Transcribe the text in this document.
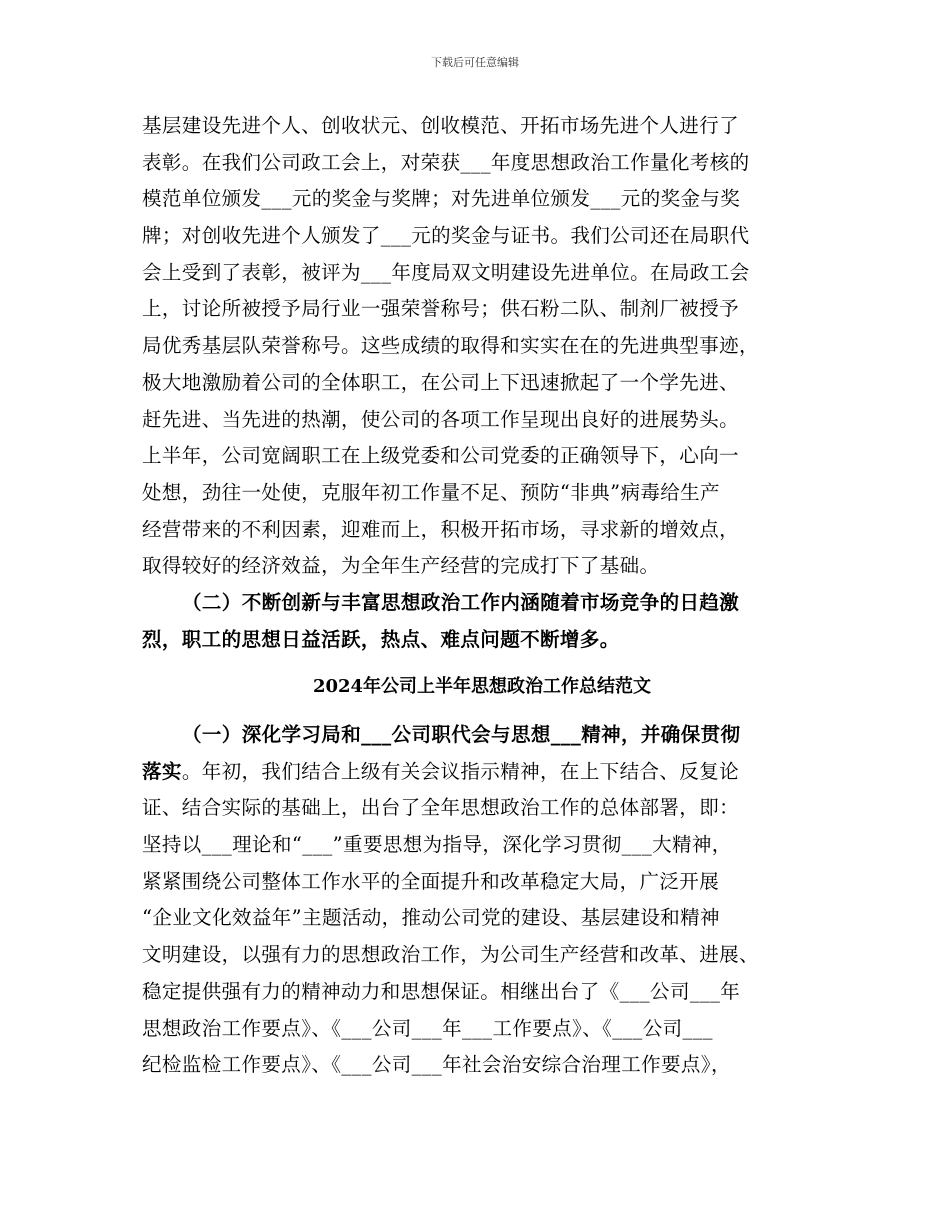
下载后可任意编辑
基层建设先进个人、创收状元、创收模范、开拓市场先进个人进行了
表彰。在我们公司政工会上，对荣获___年度思想政治工作量化考核的
模范单位颁发___元的奖金与奖牌；对先进单位颁发___元的奖金与奖
牌；对创收先进个人颁发了___元的奖金与证书。我们公司还在局职代
会上受到了表彰，被评为___年度局双文明建设先进单位。在局政工会
上，讨论所被授予局行业一强荣誉称号；供石粉二队、制剂厂被授予
局优秀基层队荣誉称号。这些成绩的取得和实实在在的先进典型事迹，
极大地激励着公司的全体职工，在公司上下迅速掀起了一个学先进、
赶先进、当先进的热潮，使公司的各项工作呈现出良好的进展势头。
上半年，公司宽阔职工在上级党委和公司党委的正确领导下，心向一
处想，劲往一处使，克服年初工作量不足、预防“非典”病毒给生产
经营带来的不利因素，迎难而上，积极开拓市场，寻求新的增效点，
取得较好的经济效益，为全年生产经营的完成打下了基础。
（二）不断创新与丰富思想政治工作内涵随着市场竞争的日趋激
烈，职工的思想日益活跃，热点、难点问题不断增多。
2024年公司上半年思想政治工作总结范文
（一）深化学习局和___公司职代会与思想___精神，并确保贯彻
落实。年初，我们结合上级有关会议指示精神，在上下结合、反复论
证、结合实际的基础上，出台了全年思想政治工作的总体部署，即：
坚持以___理论和“___”重要思想为指导，深化学习贯彻___大精神，
紧紧围绕公司整体工作水平的全面提升和改革稳定大局，广泛开展
“企业文化效益年”主题活动，推动公司党的建设、基层建设和精神
文明建设，以强有力的思想政治工作，为公司生产经营和改革、进展、
稳定提供强有力的精神动力和思想保证。相继出台了《___公司___年
思想政治工作要点》、《___公司___年___工作要点》、《___公司___
纪检监检工作要点》、《___公司___年社会治安综合治理工作要点》，
